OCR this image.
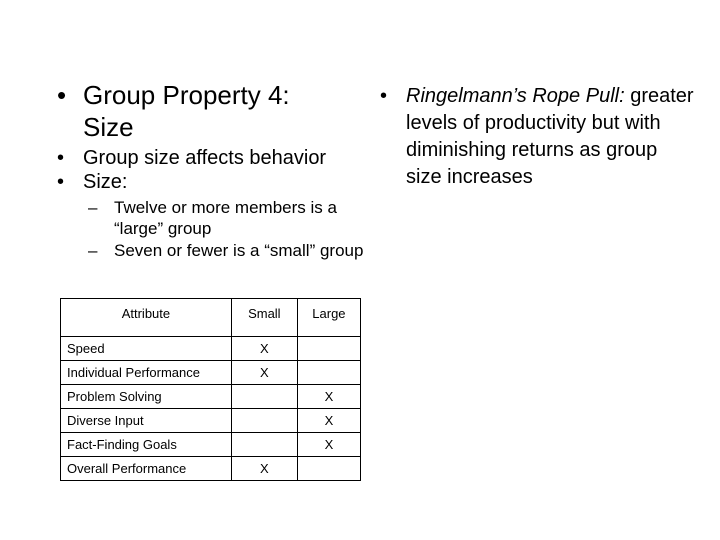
• Group Property 4: Size
• Group size affects behavior
• Size:
– Twelve or more members is a “large” group
– Seven or fewer is a “small” group
• Ringelmann’s Rope Pull: greater levels of productivity but with diminishing returns as group size increases
Attribute	Small	Large
Speed	X	
Individual Performance	X	
Problem Solving		X
Diverse Input		X
Fact-Finding Goals		X
Overall Performance	X	
